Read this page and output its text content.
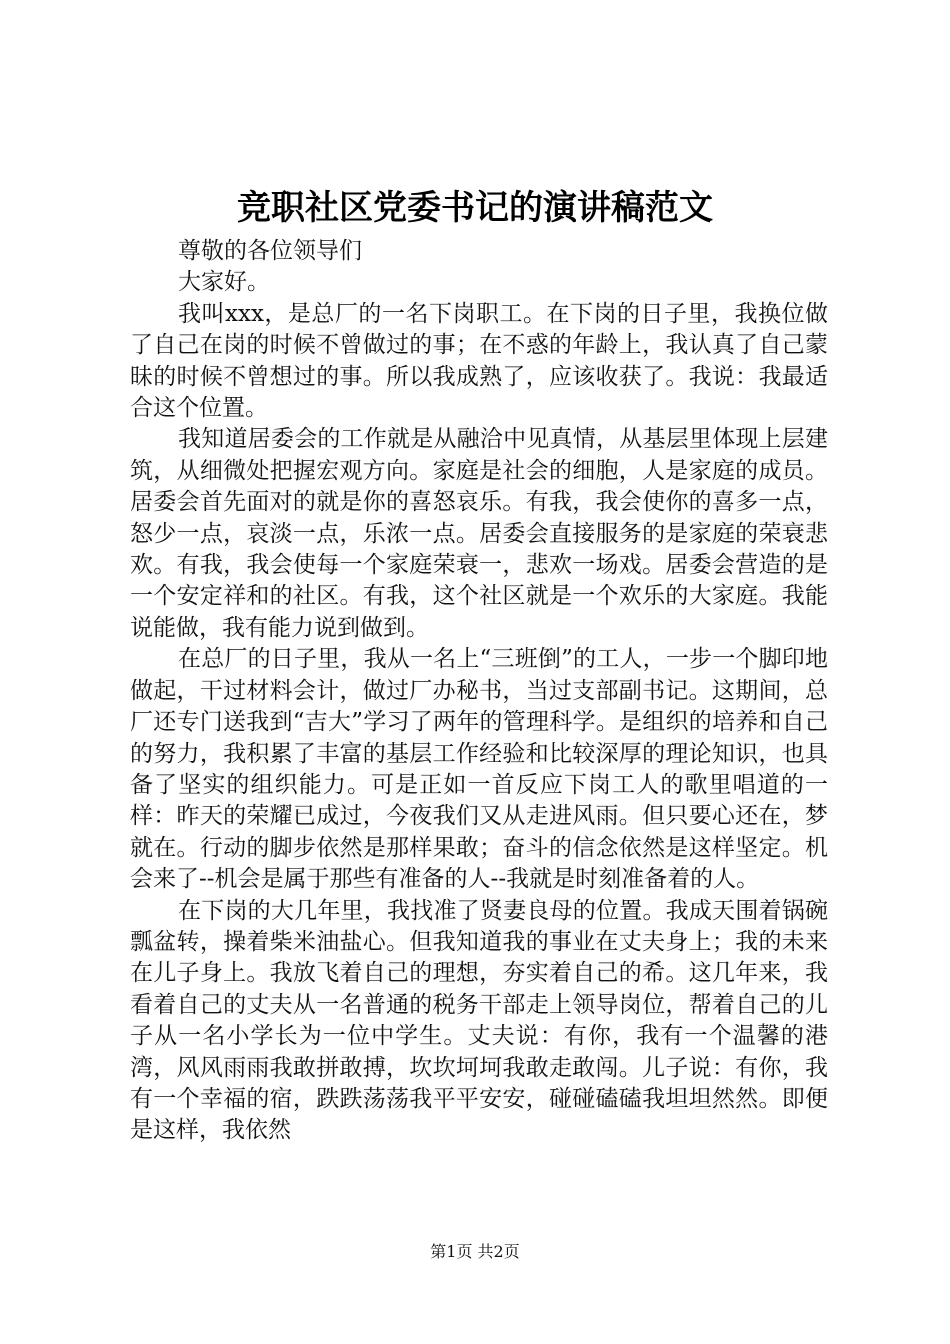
竞职社区党委书记的演讲稿范文

尊敬的各位领导们

大家好。

我叫xxx，是总厂的一名下岗职工。在下岗的日子里，我换位做了自己在岗的时候不曾做过的事；在不惑的年龄上，我认真了自己蒙昧的时候不曾想过的事。所以我成熟了，应该收获了。我说：我最适合这个位置。

我知道居委会的工作就是从融洽中见真情，从基层里体现上层建筑，从细微处把握宏观方向。家庭是社会的细胞，人是家庭的成员。居委会首先面对的就是你的喜怒哀乐。有我，我会使你的喜多一点，怒少一点，哀淡一点，乐浓一点。居委会直接服务的是家庭的荣衰悲欢。有我，我会使每一个家庭荣衰一，悲欢一场戏。居委会营造的是一个安定祥和的社区。有我，这个社区就是一个欢乐的大家庭。我能说能做，我有能力说到做到。

在总厂的日子里，我从一名上“三班倒”的工人，一步一个脚印地做起，干过材料会计，做过厂办秘书，当过支部副书记。这期间，总厂还专门送我到“吉大”学习了两年的管理科学。是组织的培养和自己的努力，我积累了丰富的基层工作经验和比较深厚的理论知识，也具备了坚实的组织能力。可是正如一首反应下岗工人的歌里唱道的一样：昨天的荣耀已成过，今夜我们又从走进风雨。但只要心还在，梦就在。行动的脚步依然是那样果敢；奋斗的信念依然是这样坚定。机会来了--机会是属于那些有准备的人--我就是时刻准备着的人。

在下岗的大几年里，我找准了贤妻良母的位置。我成天围着锅碗瓢盆转，操着柴米油盐心。但我知道我的事业在丈夫身上；我的未来在儿子身上。我放飞着自己的理想，夯实着自己的希。这几年来，我看着自己的丈夫从一名普通的税务干部走上领导岗位，帮着自己的儿子从一名小学长为一位中学生。丈夫说：有你，我有一个温馨的港湾，风风雨雨我敢拼敢搏，坎坎坷坷我敢走敢闯。儿子说：有你，我有一个幸福的宿，跌跌荡荡我平平安安，碰碰磕磕我坦坦然然。即便是这样，我依然

第1页 共2页
